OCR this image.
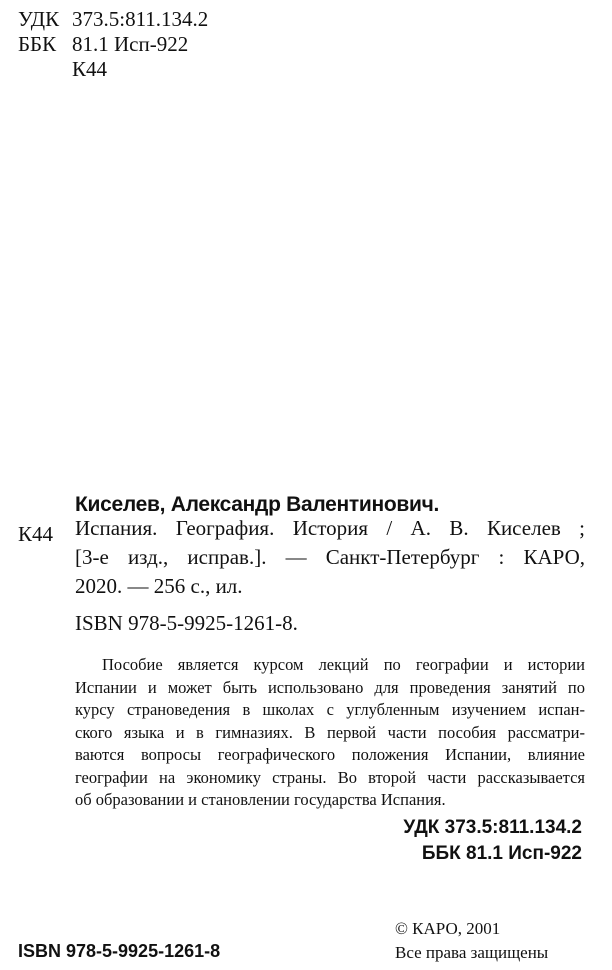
УДК 373.5:811.134.2
ББК 81.1 Исп-922
К44
Киселев, Александр Валентинович.
К44 Испания. География. История / А. В. Киселев ;
[3-е изд., исправ.]. — Санкт-Петербург : КАРО,
2020. — 256 с., ил.
ISBN 978-5-9925-1261-8.
Пособие является курсом лекций по географии и истории
Испании и может быть использовано для проведения занятий по
курсу страноведения в школах с углубленным изучением испан-
ского языка и в гимназиях. В первой части пособия рассматри-
ваются вопросы географического положения Испании, влияние
географии на экономику страны. Во второй части рассказывается
об образовании и становлении государства Испания.
УДК 373.5:811.134.2
ББК 81.1 Исп-922
© КАРО, 2001
Все права защищены
ISBN 978-5-9925-1261-8
